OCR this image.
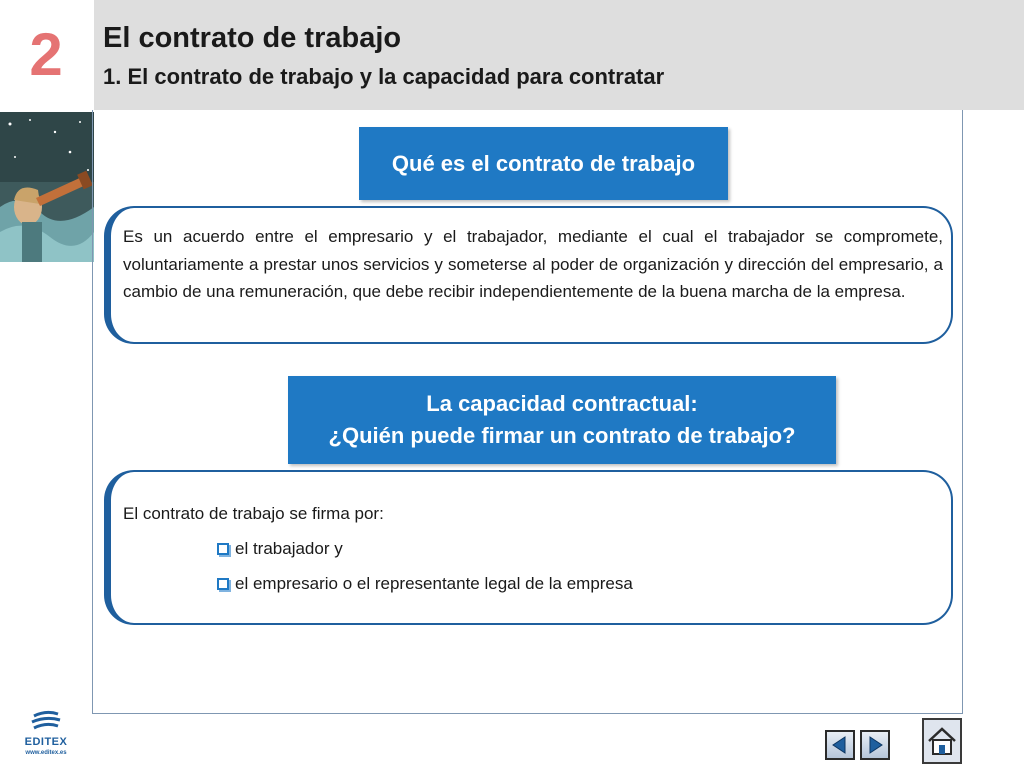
2	El contrato de trabajo
1. El contrato de trabajo y la capacidad para contratar
Qué es el contrato de trabajo
Es un acuerdo entre el empresario y el trabajador, mediante el cual el trabajador se compromete, voluntariamente a prestar unos servicios y someterse al poder de organización y dirección del empresario, a cambio de una remuneración, que debe recibir independientemente de la buena marcha de la empresa.
La capacidad contractual:
¿Quién puede firmar un contrato de trabajo?
El contrato de trabajo se firma por:
el trabajador y
el empresario o el representante legal de la empresa
EDITEX
www.editex.es
